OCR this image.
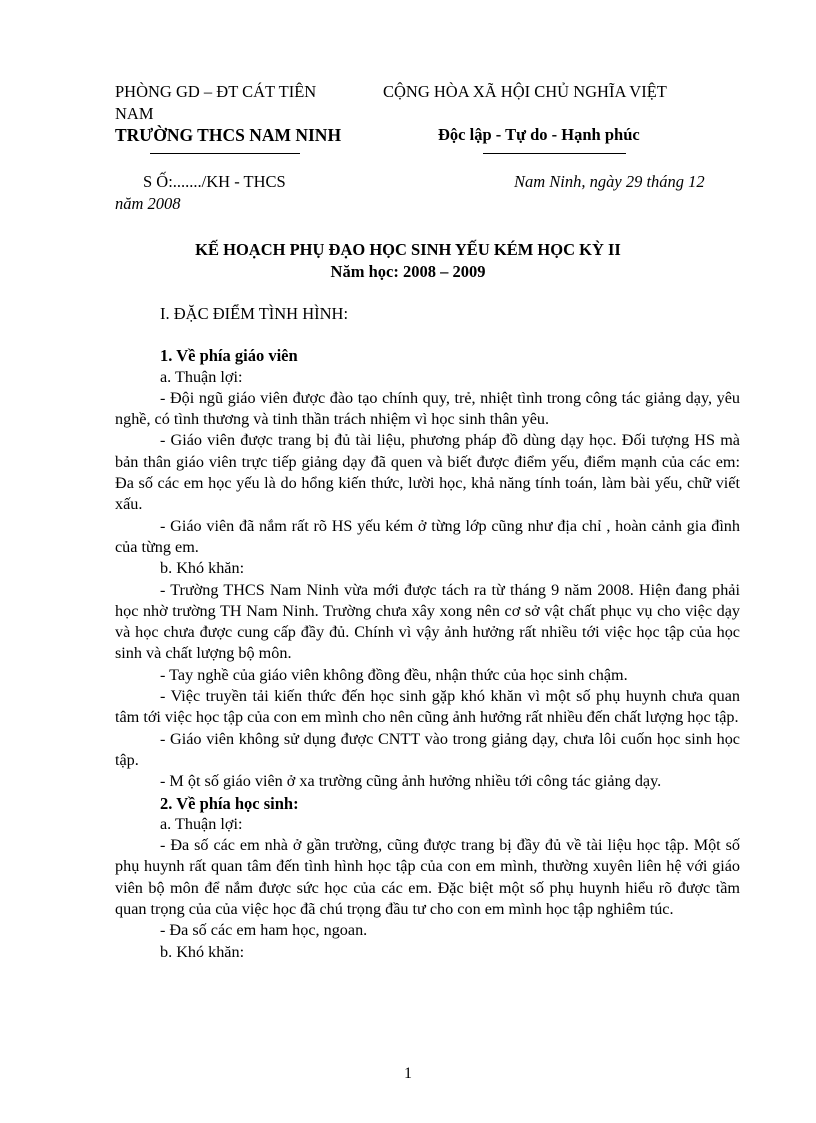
PHÒNG GD – ĐT CÁT TIÊN
NAM
TRƯỜNG THCS NAM NINH
CỘNG HÒA XÃ HỘI CHỦ NGHĨA VIỆT
Độc lập - Tự do - Hạnh phúc
S Ố:......./KH - THCS	Nam Ninh, ngày 29 tháng 12
năm 2008
KẾ HOẠCH PHỤ ĐẠO HỌC SINH YẾU KÉM HỌC KỲ II
Năm học: 2008 – 2009

I. ĐẶC ĐIỂM TÌNH HÌNH:

1. Về phía giáo viên

a. Thuận lợi:

- Đội ngũ giáo viên được đào tạo chính quy, trẻ, nhiệt tình trong công tác giảng dạy, yêu nghề, có tình thương và tinh thần trách nhiệm vì học sinh thân yêu.

- Giáo viên được trang bị đủ tài liệu, phương pháp đồ dùng dạy học. Đối tượng HS mà bản thân giáo viên trực tiếp giảng dạy đã quen và biết được điểm yếu, điểm mạnh của các em: Đa số các em học yếu là do hổng kiến thức, lười học, khả năng tính toán, làm bài yếu, chữ viết xấu.

- Giáo viên đã nắm rất rõ HS yếu kém ở từng lớp cũng như địa chỉ , hoàn cảnh gia đình của từng em.

b. Khó khăn:

- Trường THCS Nam Ninh vừa mới được tách ra từ tháng 9 năm 2008. Hiện đang phải học nhờ trường TH Nam Ninh. Trường chưa xây xong nên cơ sở vật chất phục vụ cho việc dạy và học chưa được cung cấp đầy đủ. Chính vì vậy ảnh hưởng rất nhiều tới việc học tập của học sinh và chất lượng bộ môn.

- Tay nghề của giáo viên không đồng đều, nhận thức của học sinh chậm.

- Việc truyền tải kiến thức đến học sinh gặp khó khăn vì một số phụ huynh chưa quan tâm tới việc học tập của con em mình cho nên cũng ảnh hưởng rất nhiều đến chất lượng học tập.

- Giáo viên không sử dụng được CNTT vào trong giảng dạy, chưa lôi cuốn học sinh học tập.

- M ột số giáo viên ở xa trường cũng ảnh hưởng nhiều tới công tác giảng dạy.

2. Về phía học sinh:

a. Thuận lợi:

- Đa số các em nhà ở gần trường, cũng được trang bị đầy đủ về tài liệu học tập. Một số phụ huynh rất quan tâm đến tình hình học tập của con em mình, thường xuyên liên hệ với giáo viên bộ môn để nắm được sức học của các em. Đặc biệt một số phụ huynh hiểu rõ được tầm quan trọng của của việc học đã chú trọng đầu tư cho con em mình học tập nghiêm túc.

- Đa số các em ham học, ngoan.

b. Khó khăn:

1
